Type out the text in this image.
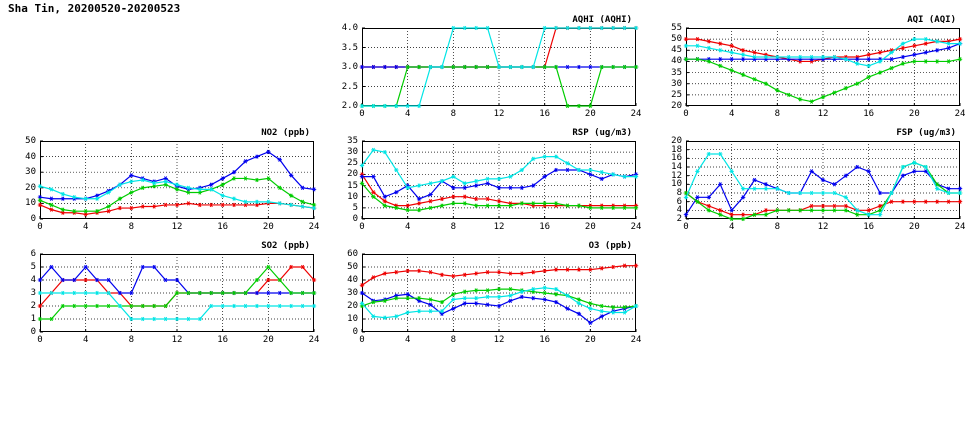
Sha Tin, 20200520-20200523
AQHI (AQHI)
0	4	8	12	16	20	24
2.0
2.5
3.0
3.5
4.0
AQI (AQI)
0	4	8	12	16	20	24
20
25
30
35
40
45
50
55
NO2 (ppb)
0	4	8	12	16	20	24
0
10
20
30
40
50
RSP (ug/m3)
0	4	8	12	16	20	24
0
5
10
15
20
25
30
35
FSP (ug/m3)
0	4	8	12	16	20	24
2
4
6
8
10
12
14
16
18
20
SO2 (ppb)
0	4	8	12	16	20	24
0
1
2
3
4
5
6
O3 (ppb)
0	4	8	12	16	20	24
0
10
20
30
40
50
60
